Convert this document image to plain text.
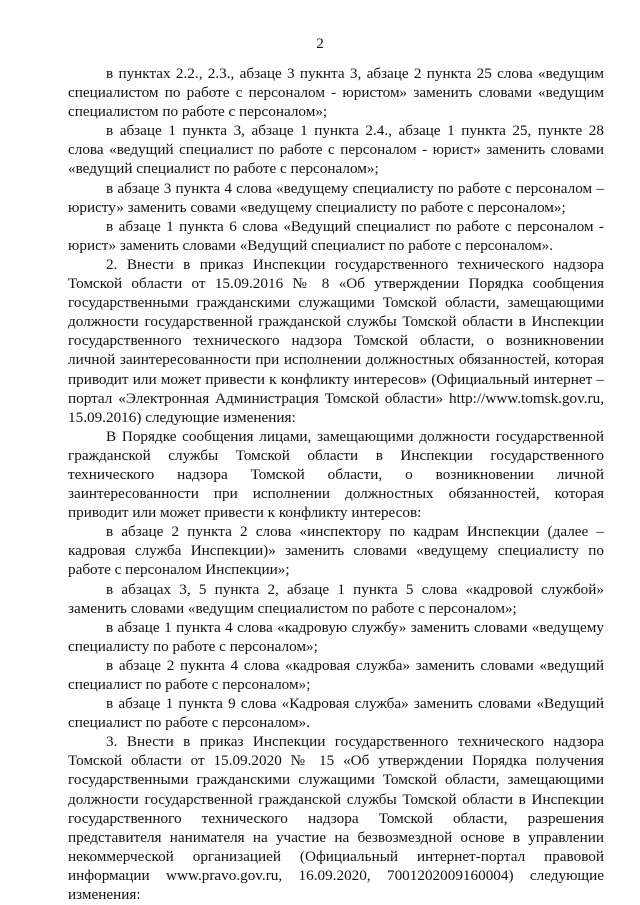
2

в пунктах 2.2., 2.3., абзаце 3 пукнта 3, абзаце 2 пункта 25 слова «ведущим специалистом по работе с персоналом - юристом» заменить словами «ведущим специалистом по работе с персоналом»;

в абзаце 1 пункта 3, абзаце 1 пункта 2.4., абзаце 1 пункта 25, пункте 28 слова «ведущий специалист по работе с персоналом - юрист» заменить словами «ведущий специалист по работе с персоналом»;

в абзаце 3 пункта 4 слова «ведущему специалисту по работе с персоналом – юристу» заменить совами «ведущему специалисту по работе с персоналом»;

в абзаце 1 пункта 6 слова «Ведущий специалист по работе с персоналом - юрист» заменить словами «Ведущий специалист по работе с персоналом».

2. Внести в приказ Инспекции государственного технического надзора Томской области от 15.09.2016 № 8 «Об утверждении Порядка сообщения государственными гражданскими служащими Томской области, замещающими должности государственной гражданской службы Томской области в Инспекции государственного технического надзора Томской области, о возникновении личной заинтересованности при исполнении должностных обязанностей, которая приводит или может привести к конфликту интересов» (Официальный интернет – портал «Электронная Администрация Томской области» http://www.tomsk.gov.ru, 15.09.2016) следующие изменения:

В Порядке сообщения лицами, замещающими должности государственной гражданской службы Томской области в Инспекции государственного технического надзора Томской области, о возникновении личной заинтересованности при исполнении должностных обязанностей, которая приводит или может привести к конфликту интересов:

в абзаце 2 пункта 2 слова «инспектору по кадрам Инспекции (далее – кадровая служба Инспекции)» заменить словами «ведущему специалисту по работе с персоналом Инспекции»;

в абзацах 3, 5 пункта 2, абзаце 1 пункта 5 слова «кадровой службой» заменить словами «ведущим специалистом по работе с персоналом»;

в абзаце 1 пункта 4 слова «кадровую службу» заменить словами «ведущему специалисту по работе с персоналом»;

в абзаце 2 пукнта 4 слова «кадровая служба» заменить словами «ведущий специалист по работе с персоналом»;

в абзаце 1 пункта 9 слова «Кадровая служба» заменить словами «Ведущий специалист по работе с персоналом».

3. Внести в приказ Инспекции государственного технического надзора Томской области от 15.09.2020 № 15 «Об утверждении Порядка получения государственными гражданскими служащими Томской области, замещающими должности государственной гражданской службы Томской области в Инспекции государственного технического надзора Томской области, разрешения представителя нанимателя на участие на безвозмездной основе в управлении некоммерческой организацией (Официальный интернет-портал правовой информации www.pravo.gov.ru, 16.09.2020, 7001202009160004) следующие изменения:
